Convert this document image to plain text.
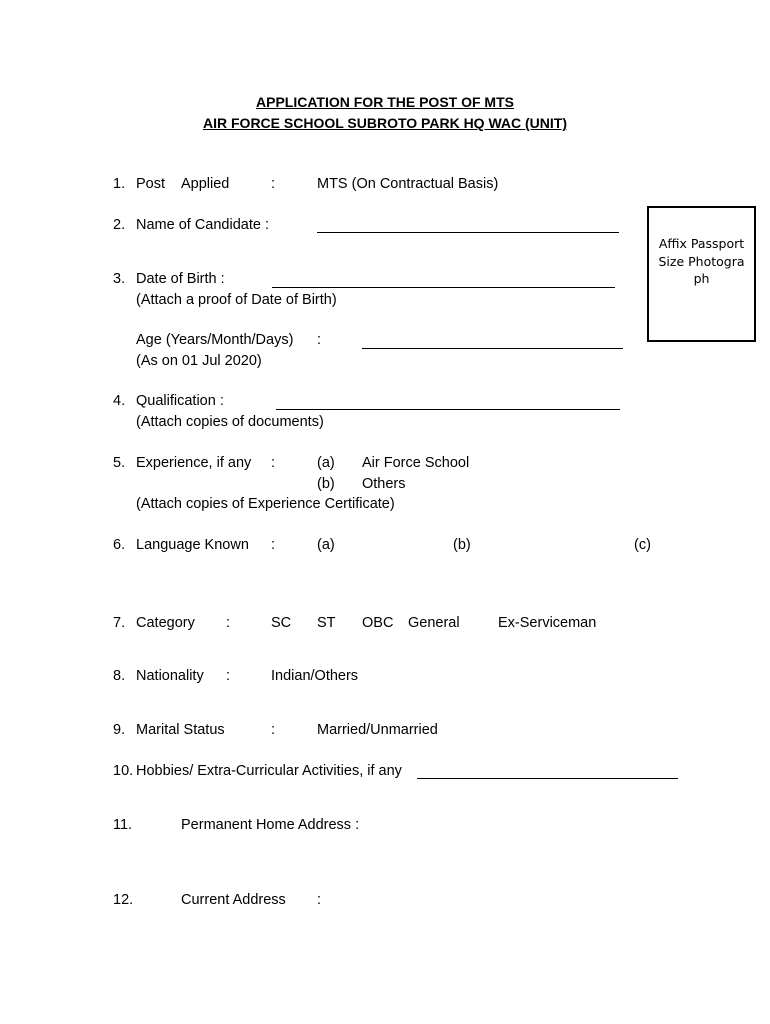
APPLICATION FOR THE POST OF MTS
AIR FORCE SCHOOL SUBROTO PARK HQ WAC (UNIT)
Affix Passport Size Photograph
1. Post Applied	:	MTS (On Contractual Basis)
2. Name of Candidate :
3. Date of Birth :
(Attach a proof of Date of Birth)
Age (Years/Month/Days) :
(As on 01 Jul 2020)
4. Qualification :
(Attach copies of documents)
5. Experience, if any :	(a) Air Force School
(b) Others
(Attach copies of Experience Certificate)
6. Language Known :	(a)	(b)	(c)
7. Category :	SC ST OBC General	Ex-Serviceman
8. Nationality :	Indian/Others
9. Marital Status	:	Married/Unmarried
10. Hobbies/ Extra-Curricular Activities, if any
11.	Permanent Home Address :
12.	Current Address :
